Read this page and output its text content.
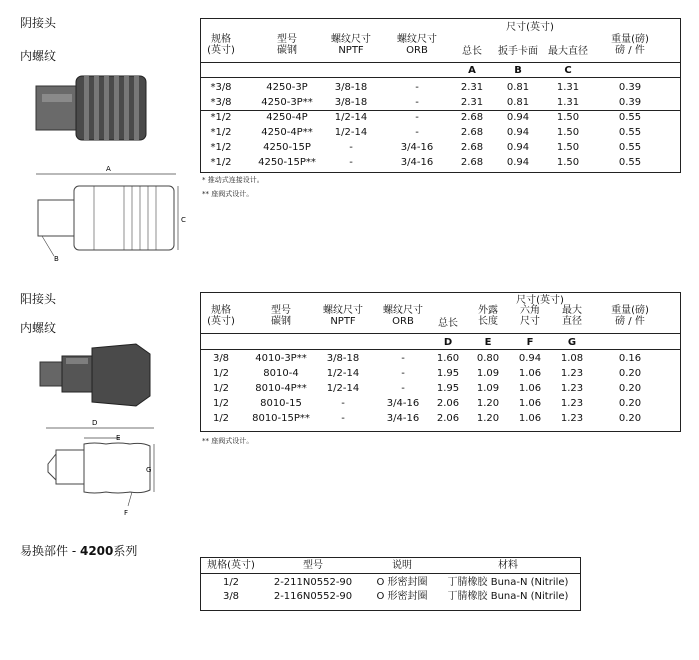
阴接头
内螺纹
A
C
B
规格
(英寸)
型号
碳钢
螺纹尺寸
NPTF
螺纹尺寸
ORB
尺寸(英寸)
总长	扳手卡面	最大直径
重量(磅)
磅 / 件
A	B	C
*3/8	4250-3P	3/8-18	-	2.31	0.81	1.31	0.39
*3/8	4250-3P**	3/8-18	-	2.31	0.81	1.31	0.39
*1/2	4250-4P	1/2-14	-	2.68	0.94	1.50	0.55
*1/2	4250-4P**	1/2-14	-	2.68	0.94	1.50	0.55
*1/2	4250-15P	-	3/4-16	2.68	0.94	1.50	0.55
*1/2	4250-15P**	-	3/4-16	2.68	0.94	1.50	0.55
* 推动式连接设计。
** 座阀式设计。
阳接头
内螺纹
D
E
G
F
规格
(英寸)
型号
碳钢
螺纹尺寸
NPTF
螺纹尺寸
ORB
尺寸(英寸)
总长
外露
长度
六角
尺寸
最大
直径
重量(磅)
磅 / 件
D	E	F	G
3/8	4010-3P**	3/8-18	-	1.60	0.80	0.94	1.08	0.16
1/2	8010-4	1/2-14	-	1.95	1.09	1.06	1.23	0.20
1/2	8010-4P**	1/2-14	-	1.95	1.09	1.06	1.23	0.20
1/2	8010-15	-	3/4-16	2.06	1.20	1.06	1.23	0.20
1/2	8010-15P**	-	3/4-16	2.06	1.20	1.06	1.23	0.20
** 座阀式设计。
易换部件 - 4200系列
规格(英寸)	型号	说明	材料
1/2	2-211N0552-90	O 形密封圈	丁腈橡胶 Buna-N (Nitrile)
3/8	2-116N0552-90	O 形密封圈	丁腈橡胶 Buna-N (Nitrile)
